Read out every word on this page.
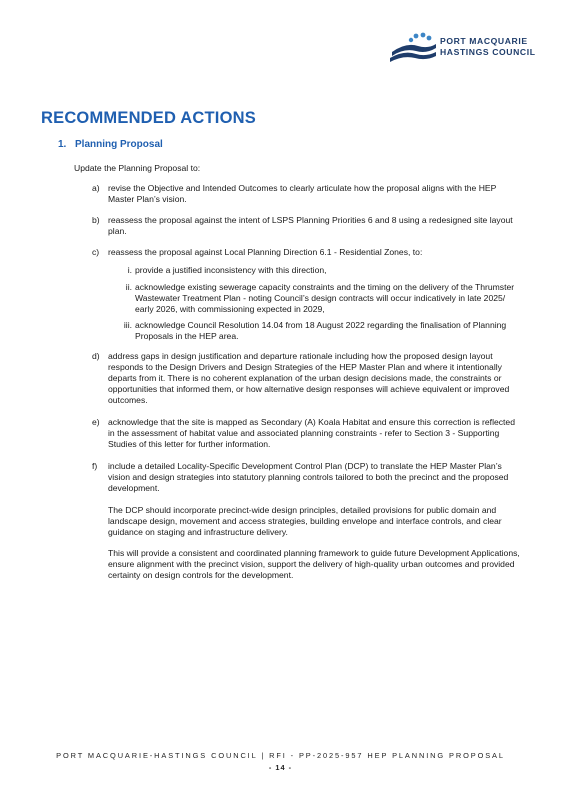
PORT MACQUARIE
HASTINGS COUNCIL
RECOMMENDED ACTIONS
1. Planning Proposal
Update the Planning Proposal to:
a) revise the Objective and Intended Outcomes to clearly articulate how the proposal aligns with the HEP Master Plan’s vision.
b) reassess the proposal against the intent of LSPS Planning Priorities 6 and 8 using a redesigned site layout plan.
c)	reassess the proposal against Local Planning Direction 6.1 - Residential Zones, to:
i. provide a justified inconsistency with this direction,
ii. acknowledge existing sewerage capacity constraints and the timing on the delivery of the Thrumster Wastewater Treatment Plan - noting Council’s design contracts will occur indicatively in late 2025/ early 2026, with commissioning expected in 2029,
iii. acknowledge Council Resolution 14.04 from 18 August 2022 regarding the finalisation of Planning Proposals in the HEP area.
d) address gaps in design justification and departure rationale including how the proposed design layout responds to the Design Drivers and Design Strategies of the HEP Master Plan and where it intentionally departs from it. There is no coherent explanation of the urban design decisions made, the constraints or opportunities that informed them, or how alternative design responses will achieve equivalent or improved outcomes.
e) acknowledge that the site is mapped as Secondary (A) Koala Habitat and ensure this correction is reflected in the assessment of habitat value and associated planning constraints - refer to Section 3 - Supporting Studies of this letter for further information.
f)	include a detailed Locality-Specific Development Control Plan (DCP) to translate the HEP Master Plan’s vision and design strategies into statutory planning controls tailored to both the precinct and the proposed development.
The DCP should incorporate precinct-wide design principles, detailed provisions for public domain and landscape design, movement and access strategies, building envelope and interface controls, and clear guidance on staging and infrastructure delivery.
This will provide a consistent and coordinated planning framework to guide future Development Applications, ensure alignment with the precinct vision, support the delivery of high-quality urban outcomes and provided certainty on design controls for the development.
PORT MACQUARIE-HASTINGS COUNCIL | RFI - PP-2025-957 HEP PLANNING PROPOSAL
- 14 -
